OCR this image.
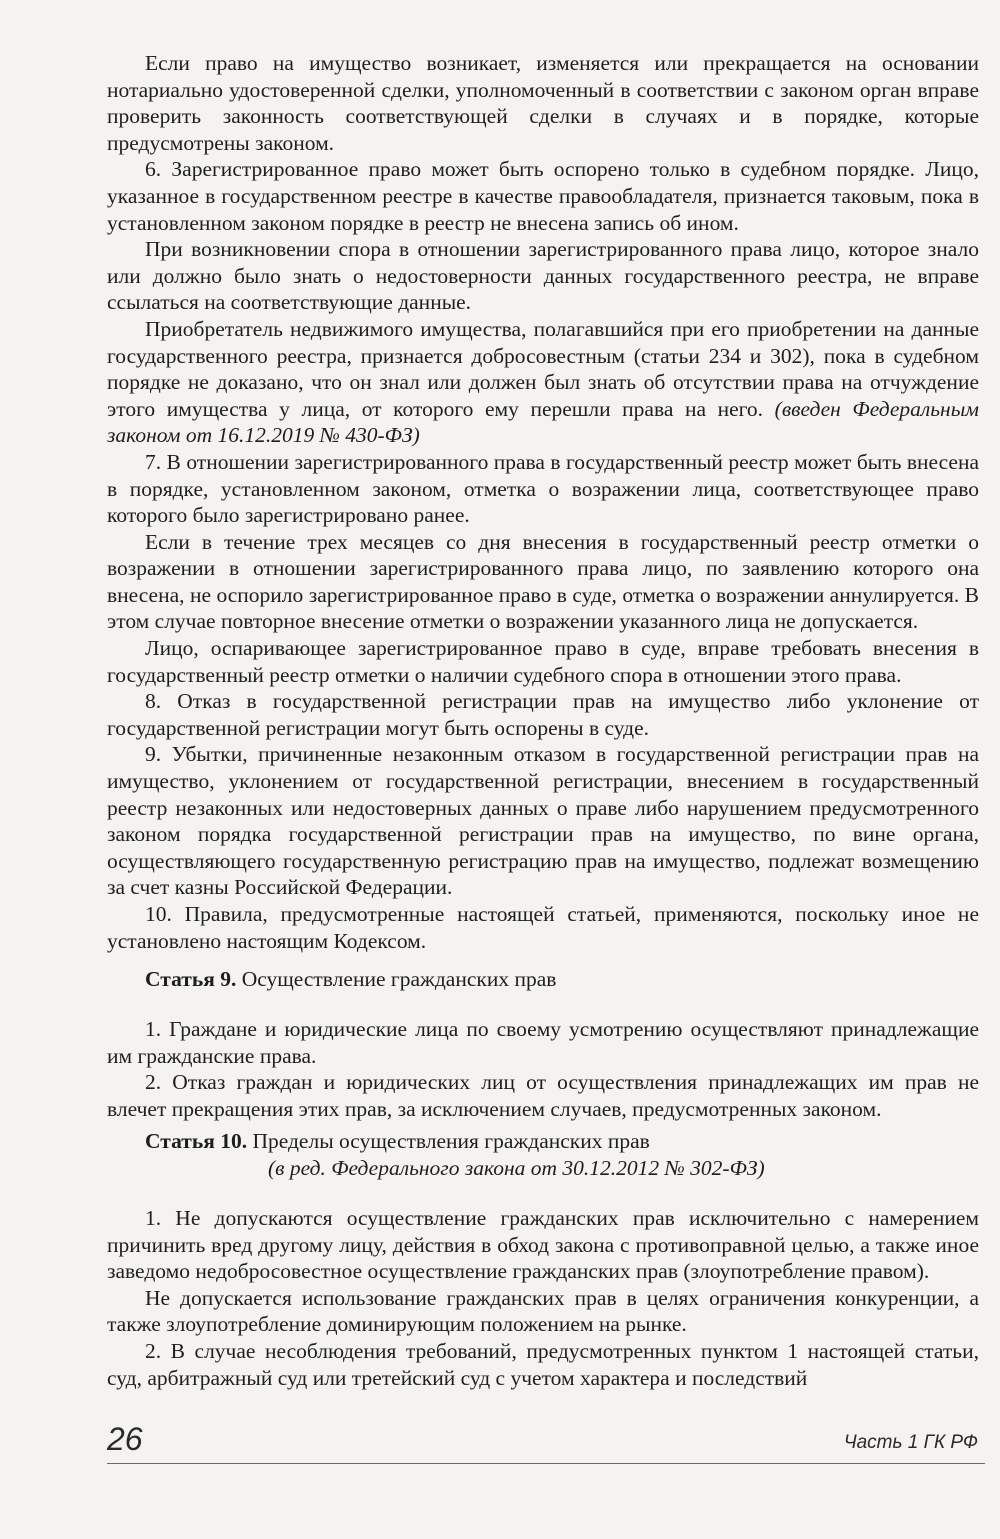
Если право на имущество возникает, изменяется или прекращается на основании нотариально удостоверенной сделки, уполномоченный в соответствии с законом орган вправе проверить законность соответствующей сделки в случаях и в порядке, которые предусмотрены законом.

6. Зарегистрированное право может быть оспорено только в судебном порядке. Лицо, указанное в государственном реестре в качестве правообладателя, признается таковым, пока в установленном законом порядке в реестр не внесена запись об ином.

При возникновении спора в отношении зарегистрированного права лицо, которое знало или должно было знать о недостоверности данных государственного реестра, не вправе ссылаться на соответствующие данные.

Приобретатель недвижимого имущества, полагавшийся при его приобретении на данные государственного реестра, признается добросовестным (статьи 234 и 302), пока в судебном порядке не доказано, что он знал или должен был знать об отсутствии права на отчуждение этого имущества у лица, от которого ему перешли права на него. (введен Федеральным законом от 16.12.2019 № 430-ФЗ)

7. В отношении зарегистрированного права в государственный реестр может быть внесена в порядке, установленном законом, отметка о возражении лица, соответствующее право которого было зарегистрировано ранее.

Если в течение трех месяцев со дня внесения в государственный реестр отметки о возражении в отношении зарегистрированного права лицо, по заявлению которого она внесена, не оспорило зарегистрированное право в суде, отметка о возражении аннулируется. В этом случае повторное внесение отметки о возражении указанного лица не допускается.

Лицо, оспаривающее зарегистрированное право в суде, вправе требовать внесения в государственный реестр отметки о наличии судебного спора в отношении этого права.

8. Отказ в государственной регистрации прав на имущество либо уклонение от государственной регистрации могут быть оспорены в суде.

9. Убытки, причиненные незаконным отказом в государственной регистрации прав на имущество, уклонением от государственной регистрации, внесением в государственный реестр незаконных или недостоверных данных о праве либо нарушением предусмотренного законом порядка государственной регистрации прав на имущество, по вине органа, осуществляющего государственную регистрацию прав на имущество, подлежат возмещению за счет казны Российской Федерации.

10. Правила, предусмотренные настоящей статьей, применяются, поскольку иное не установлено настоящим Кодексом.

Статья 9. Осуществление гражданских прав

1. Граждане и юридические лица по своему усмотрению осуществляют принадлежащие им гражданские права.

2. Отказ граждан и юридических лиц от осуществления принадлежащих им прав не влечет прекращения этих прав, за исключением случаев, предусмотренных законом.

Статья 10. Пределы осуществления гражданских прав
(в ред. Федерального закона от 30.12.2012 № 302-ФЗ)

1. Не допускаются осуществление гражданских прав исключительно с намерением причинить вред другому лицу, действия в обход закона с противоправной целью, а также иное заведомо недобросовестное осуществление гражданских прав (злоупотребление правом).

Не допускается использование гражданских прав в целях ограничения конкуренции, а также злоупотребление доминирующим положением на рынке.

2. В случае несоблюдения требований, предусмотренных пунктом 1 настоящей статьи, суд, арбитражный суд или третейский суд с учетом характера и последствий

26	Часть 1 ГК РФ
